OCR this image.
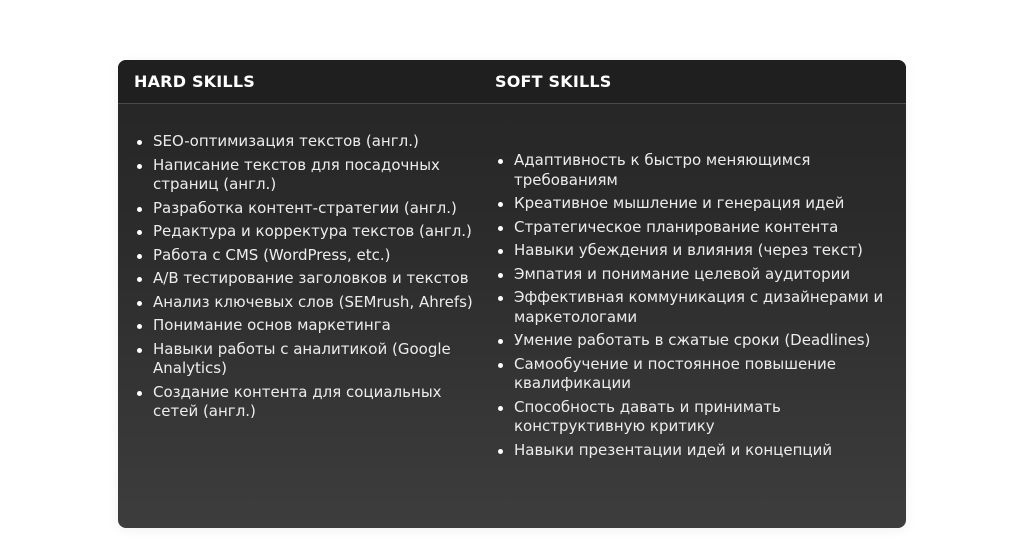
HARD SKILLS	SOFT SKILLS
SEO-оптимизация текстов (англ.)
Написание текстов для посадочных страниц (англ.)
Разработка контент-стратегии (англ.)
Редактура и корректура текстов (англ.)
Работа с CMS (WordPress, etc.)
A/B тестирование заголовков и текстов
Анализ ключевых слов (SEMrush, Ahrefs)
Понимание основ маркетинга
Навыки работы с аналитикой (Google Analytics)
Создание контента для социальных сетей (англ.)
Адаптивность к быстро меняющимся требованиям
Креативное мышление и генерация идей
Стратегическое планирование контента
Навыки убеждения и влияния (через текст)
Эмпатия и понимание целевой аудитории
Эффективная коммуникация с дизайнерами и маркетологами
Умение работать в сжатые сроки (Deadlines)
Самообучение и постоянное повышение квалификации
Способность давать и принимать конструктивную критику
Навыки презентации идей и концепций
